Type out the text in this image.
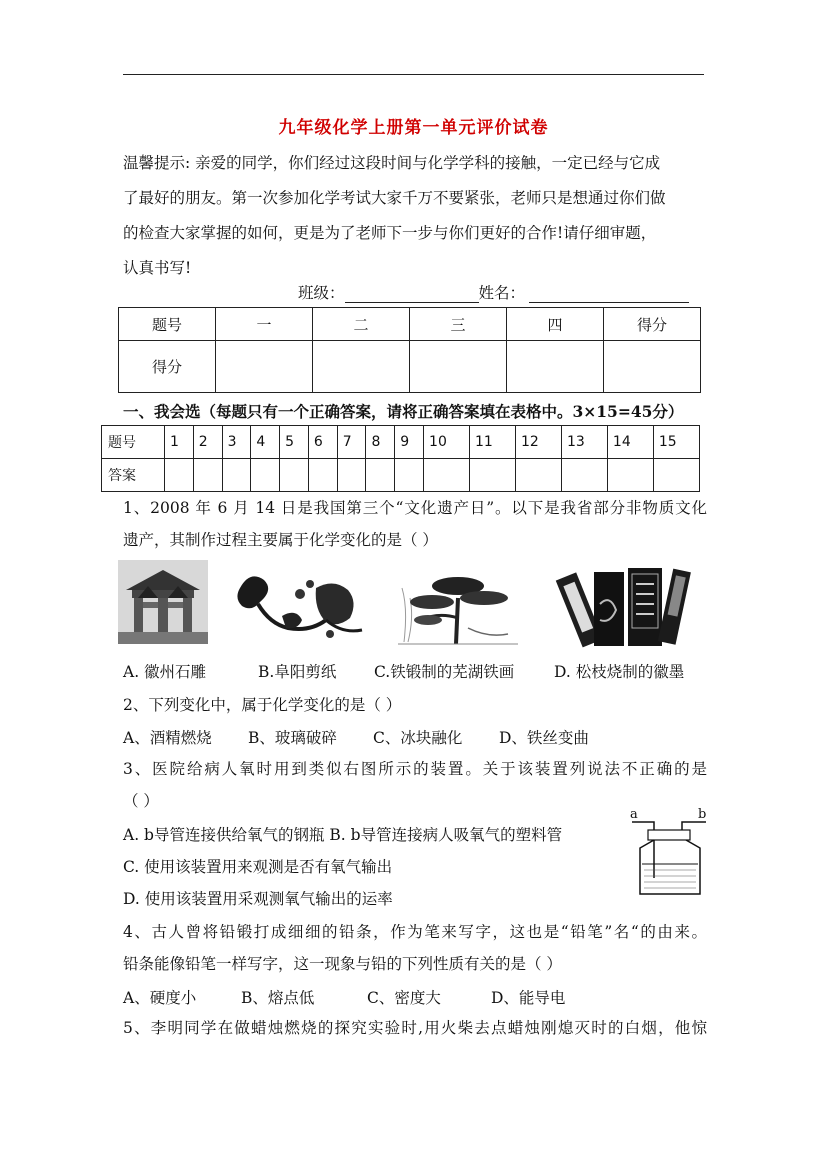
九年级化学上册第一单元评价试卷

温馨提示: 亲爱的同学，你们经过这段时间与化学学科的接触，一定已经与它成

了最好的朋友。第一次参加化学考试大家千万不要紧张，老师只是想通过你们做

的检查大家掌握的如何，更是为了老师下一步与你们更好的合作!请仔细审题，

认真书写!

班级：	姓名：
题号	一	二	三	四	得分
得分					
一、我会选（每题只有一个正确答案，请将正确答案填在表格中。3×15=45分）
题号	1	2	3	4	5	6	7	8	9	10	11	12	13	14	15
答案															

1、2008 年 6 月 14 日是我国第三个“文化遗产日”。以下是我省部分非物质文化

遗产，其制作过程主要属于化学变化的是（ ）

A. 徽州石雕	B.阜阳剪纸 C.铁锻制的芜湖铁画	D. 松枝烧制的徽墨
2、下列变化中，属于化学变化的是（ ）
A、酒精燃烧 B、玻璃破碎 C、冰块融化 D、铁丝变曲

3、医院给病人氧时用到类似右图所示的装置。关于该装置列说法不正确的是

（ ）

A. b导管连接供给氧气的钢瓶 B. b导管连接病人吸氧气的塑料管
C. 使用该装置用来观测是否有氧气输出
D. 使用该装置用采观测氧气输出的运率
a	b

4、古人曾将铅锻打成细细的铅条，作为笔来写字，这也是“铅笔”名“的由来。

铅条能像铅笔一样写字，这一现象与铅的下列性质有关的是（ ）

A、硬度小	B、熔点低	C、密度大	D、能导电

5、李明同学在做蜡烛燃烧的探究实验时,用火柴去点蜡烛刚熄灭时的白烟，他惊
